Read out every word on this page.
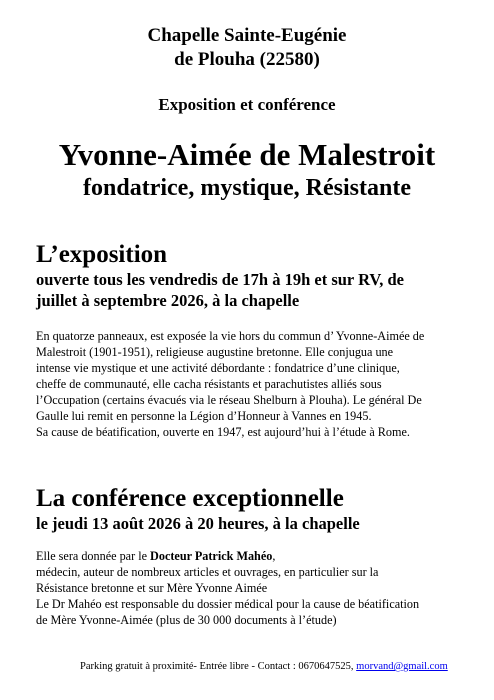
Chapelle Sainte-Eugénie
de Plouha (22580)
Exposition et conférence
Yvonne-Aimée de Malestroit
fondatrice, mystique, Résistante
L’exposition
ouverte tous les vendredis de 17h à 19h et sur RV, de
juillet à septembre 2026, à la chapelle
En quatorze panneaux, est exposée la vie hors du commun d’ Yvonne-Aimée de
Malestroit (1901-1951), religieuse augustine bretonne. Elle conjugua une
intense vie mystique et une activité débordante : fondatrice d’une clinique,
cheffe de communauté, elle cacha résistants et parachutistes alliés sous
l’Occupation (certains évacués via le réseau Shelburn à Plouha). Le général De
Gaulle lui remit en personne la Légion d’Honneur à Vannes en 1945.
Sa cause de béatification, ouverte en 1947, est aujourd’hui à l’étude à Rome.
La conférence exceptionnelle
le jeudi 13 août 2026 à 20 heures, à la chapelle
Elle sera donnée par le Docteur Patrick Mahéo,
médecin, auteur de nombreux articles et ouvrages, en particulier sur la
Résistance bretonne et sur Mère Yvonne Aimée
Le Dr Mahéo est responsable du dossier médical pour la cause de béatification
de Mère Yvonne-Aimée (plus de 30 000 documents à l’étude)
Parking gratuit à proximité- Entrée libre - Contact : 0670647525, morvand@gmail.com
